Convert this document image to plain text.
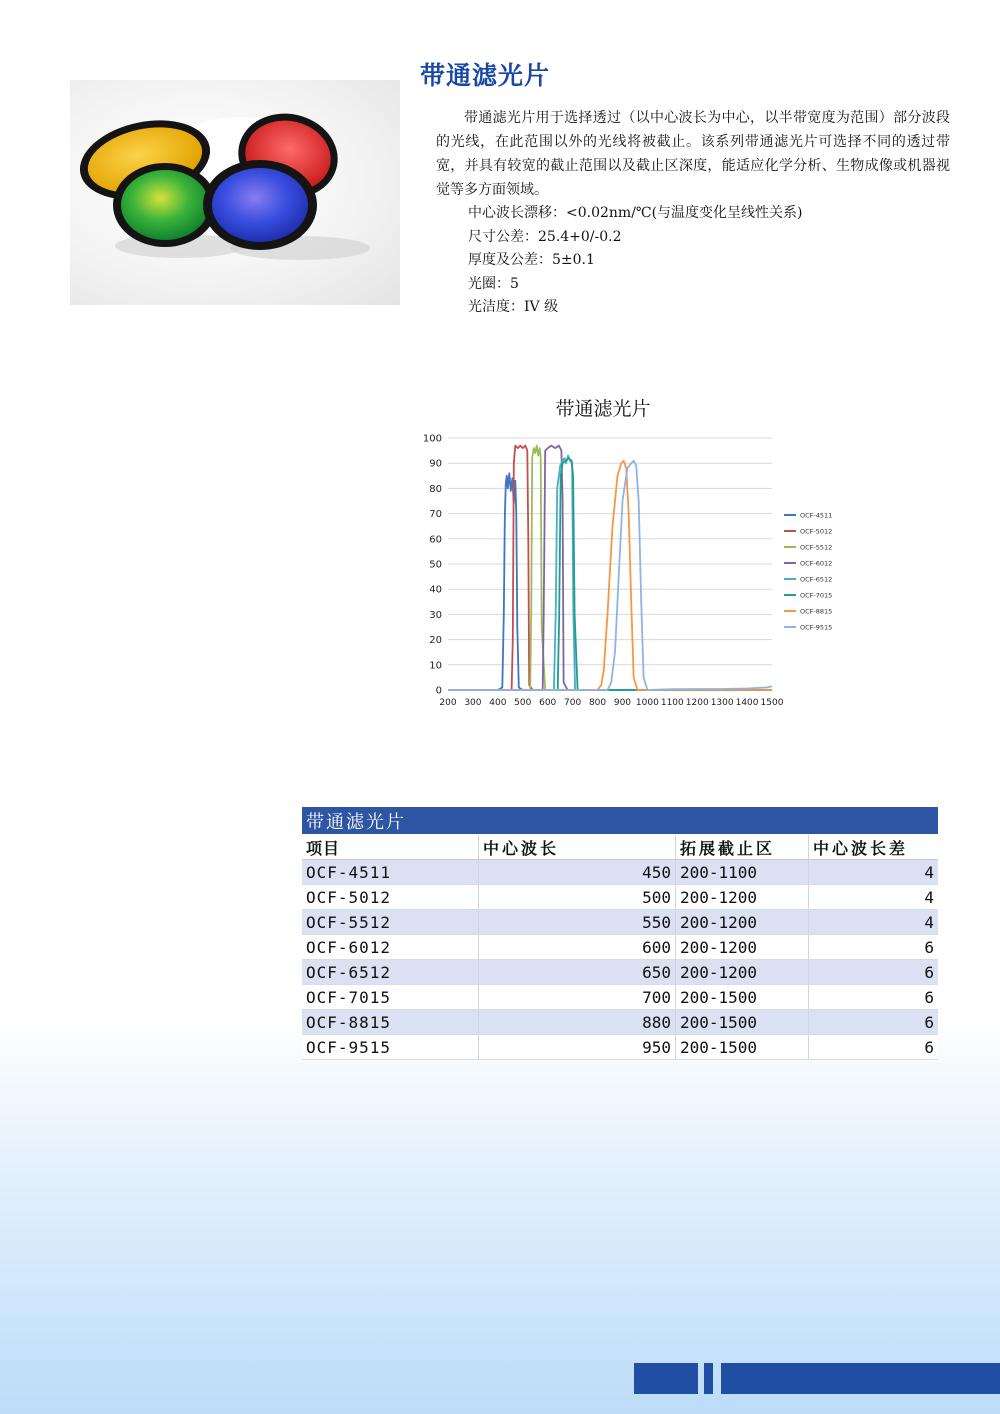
带通滤光片
带通滤光片用于选择透过（以中心波长为中心，以半带宽度为范围）部分波段的光线，在此范围以外的光线将被截止。该系列带通滤光片可选择不同的透过带宽，并具有较宽的截止范围以及截止区深度，能适应化学分析、生物成像或机器视觉等多方面领域。
中心波长漂移：<0.02nm/℃(与温度变化呈线性关系)
尺寸公差：25.4+0/-0.2
厚度及公差：5±0.1
光圈：5
光洁度：IV 级
带通滤光片
0
10
20
30
40
50
60
70
80
90
100
200 300 400 500 600 700 800 900 1000 1100 1200 1300 1400 1500
OCF-4511
OCF-5012
OCF-5512
OCF-6012
OCF-6512
OCF-7015
OCF-8815
OCF-9515
带通滤光片			
项目	中心波长	拓展截止区	中心波长差
OCF-4511	450	200-1100	4
OCF-5012	500	200-1200	4
OCF-5512	550	200-1200	4
OCF-6012	600	200-1200	6
OCF-6512	650	200-1200	6
OCF-7015	700	200-1500	6
OCF-8815	880	200-1500	6
OCF-9515	950	200-1500	6
